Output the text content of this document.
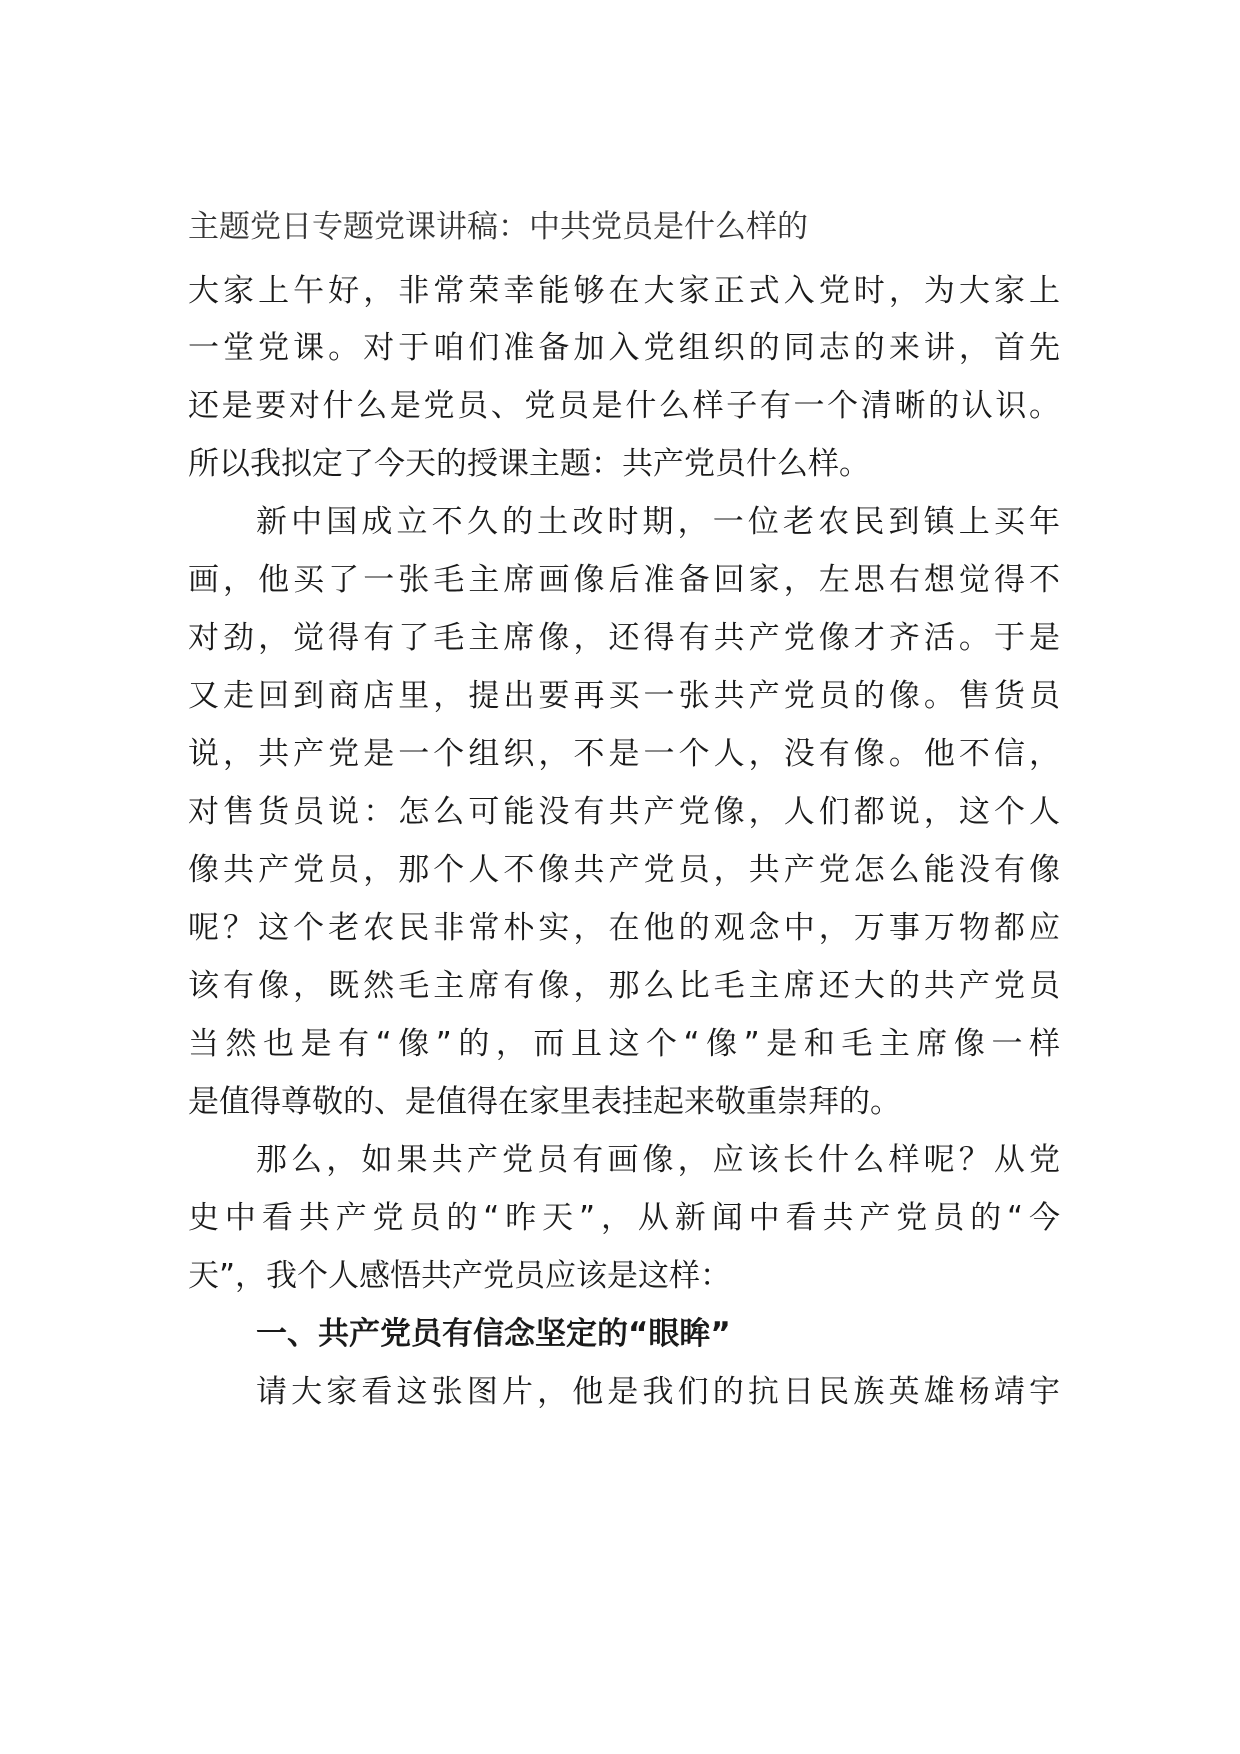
主题党日专题党课讲稿：中共党员是什么样的
大家上午好，非常荣幸能够在大家正式入党时，为大家上
一堂党课。对于咱们准备加入党组织的同志的来讲，首先
还是要对什么是党员、党员是什么样子有一个清晰的认识。
所以我拟定了今天的授课主题：共产党员什么样。
新中国成立不久的土改时期，一位老农民到镇上买年
画，他买了一张毛主席画像后准备回家，左思右想觉得不
对劲，觉得有了毛主席像，还得有共产党像才齐活。于是
又走回到商店里，提出要再买一张共产党员的像。售货员
说，共产党是一个组织，不是一个人，没有像。他不信，
对售货员说：怎么可能没有共产党像，人们都说，这个人
像共产党员，那个人不像共产党员，共产党怎么能没有像
呢？这个老农民非常朴实，在他的观念中，万事万物都应
该有像，既然毛主席有像，那么比毛主席还大的共产党员
当然也是有“像”的，而且这个“像”是和毛主席像一样
是值得尊敬的、是值得在家里表挂起来敬重崇拜的。
那么，如果共产党员有画像，应该长什么样呢？从党
史中看共产党员的“昨天”，从新闻中看共产党员的“今
天”，我个人感悟共产党员应该是这样：
一、共产党员有信念坚定的“眼眸”
请大家看这张图片，他是我们的抗日民族英雄杨靖宇
